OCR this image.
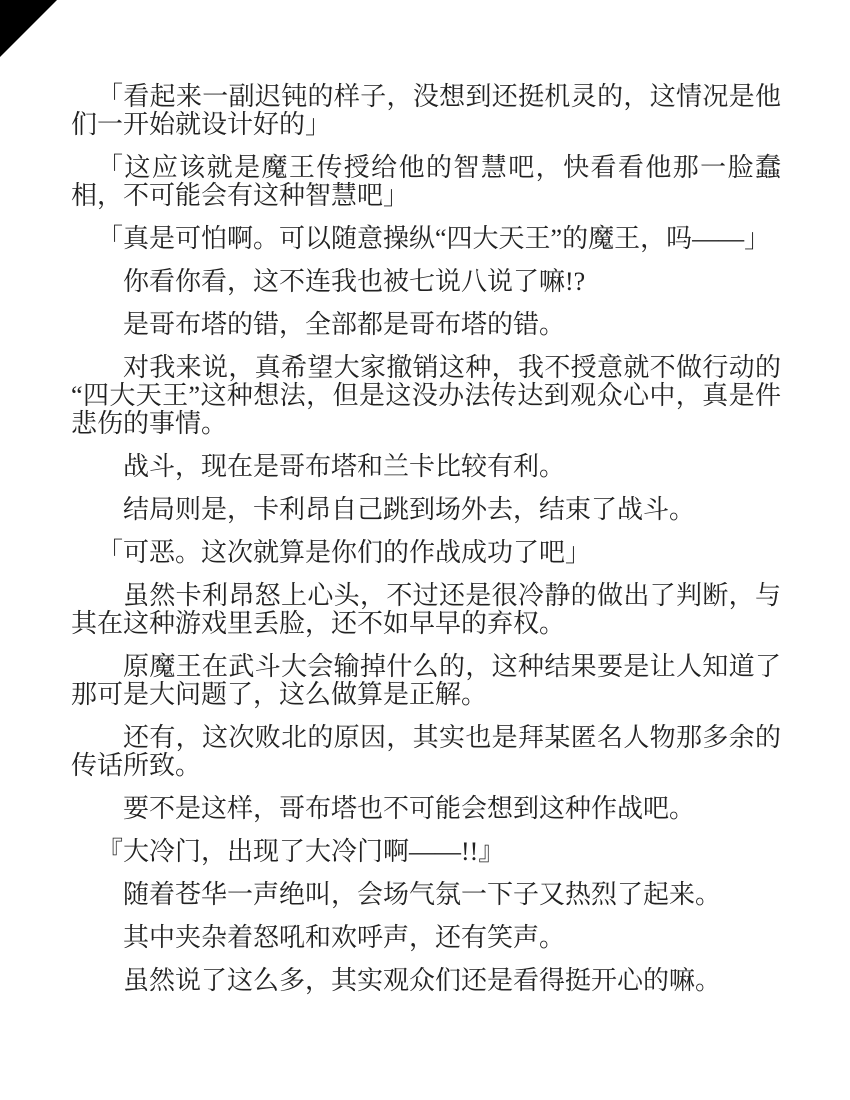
「看起来一副迟钝的样子，没想到还挺机灵的，这情况是他们一开始就设计好的」

「这应该就是魔王传授给他的智慧吧，快看看他那一脸蠢相，不可能会有这种智慧吧」

「真是可怕啊。可以随意操纵“四大天王”的魔王，吗——」

你看你看，这不连我也被七说八说了嘛!?

是哥布塔的错，全部都是哥布塔的错。

对我来说，真希望大家撤销这种，我不授意就不做行动的“四大天王”这种想法，但是这没办法传达到观众心中，真是件悲伤的事情。

战斗，现在是哥布塔和兰卡比较有利。

结局则是，卡利昂自己跳到场外去，结束了战斗。

「可恶。这次就算是你们的作战成功了吧」

虽然卡利昂怒上心头，不过还是很冷静的做出了判断，与其在这种游戏里丢脸，还不如早早的弃权。

原魔王在武斗大会输掉什么的，这种结果要是让人知道了那可是大问题了，这么做算是正解。

还有，这次败北的原因，其实也是拜某匿名人物那多余的传话所致。

要不是这样，哥布塔也不可能会想到这种作战吧。

『大冷门，出现了大冷门啊——!!』

随着苍华一声绝叫，会场气氛一下子又热烈了起来。

其中夹杂着怒吼和欢呼声，还有笑声。

虽然说了这么多，其实观众们还是看得挺开心的嘛。
